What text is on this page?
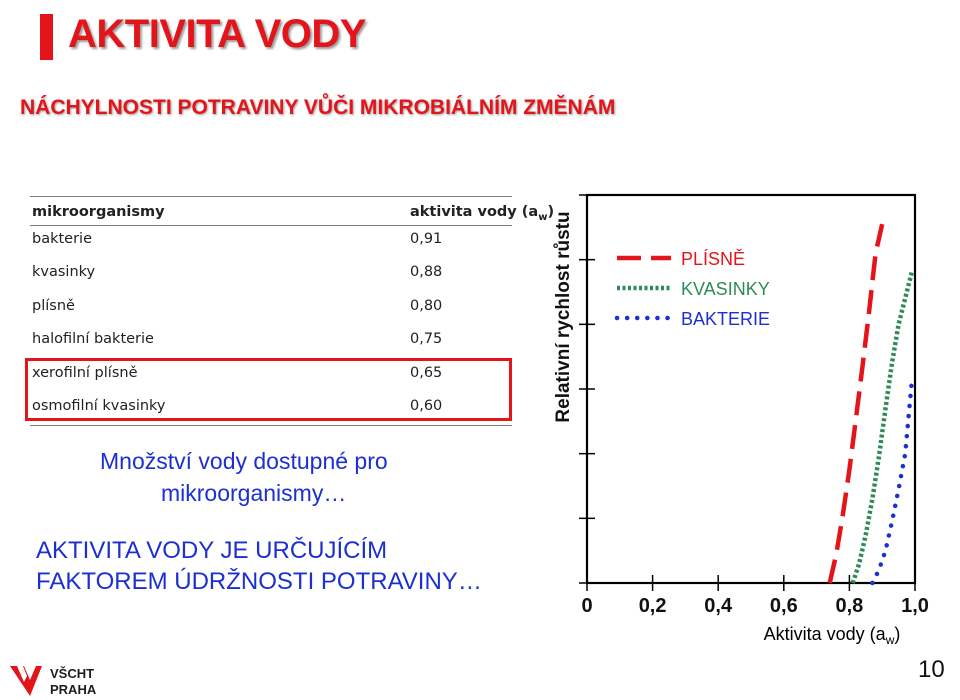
AKTIVITA VODY
NÁCHYLNOSTI POTRAVINY VŮČI MIKROBIÁLNÍM ZMĚNÁM
mikroorganismy	aktivita vody $(a_w)$
bakterie	0,91
kvasinky	0,88
plísně	0,80
halofilní bakterie	0,75
xerofilní plísně	0,65
osmofilní kvasinky	0,60
Množství vody dostupné pro
mikroorganismy…
AKTIVITA VODY JE URČUJÍCÍM
FAKTOREM ÚDRŽNOSTI POTRAVINY…
0 0,2 0,4 0,6 0,8 1,0
Aktivita vody $(a_w)$
Relativní rychlost růstu	PLÍSNĚ
KVASINKY
BAKTERIE
VŠCHT
PRAHA
10
